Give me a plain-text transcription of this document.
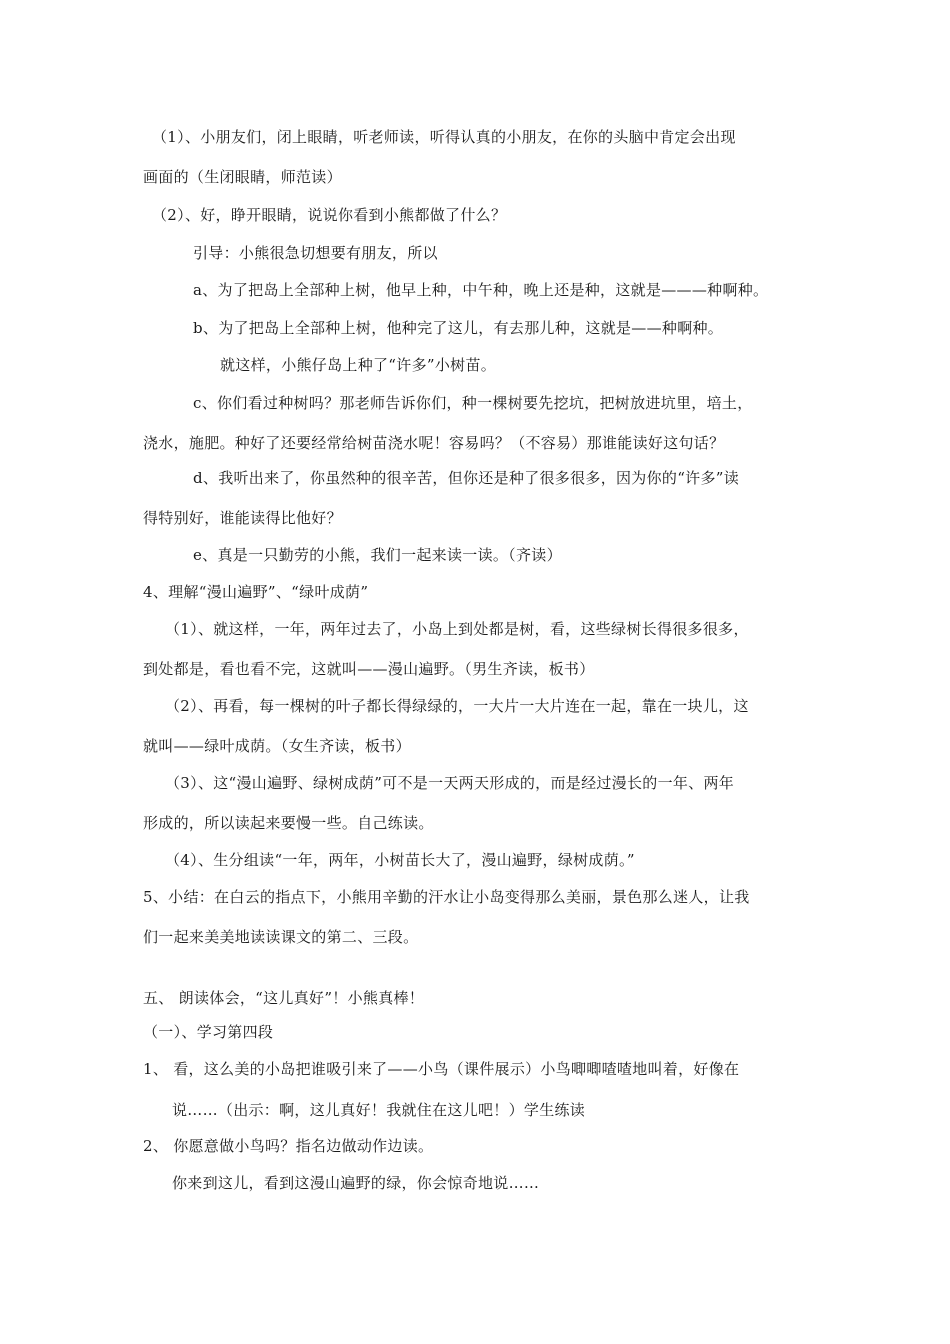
（1）、小朋友们，闭上眼睛，听老师读，听得认真的小朋友，在你的头脑中肯定会出现
画面的（生闭眼睛，师范读）
（2）、好，睁开眼睛，说说你看到小熊都做了什么？
引导：小熊很急切想要有朋友，所以
a、为了把岛上全部种上树，他早上种，中午种，晚上还是种，这就是———种啊种。
b、为了把岛上全部种上树，他种完了这儿，有去那儿种，这就是——种啊种。
就这样，小熊仔岛上种了“许多”小树苗。
c、你们看过种树吗？那老师告诉你们，种一棵树要先挖坑，把树放进坑里，培土，
浇水，施肥。种好了还要经常给树苗浇水呢！容易吗？（不容易）那谁能读好这句话？
d、我听出来了，你虽然种的很辛苦，但你还是种了很多很多，因为你的“许多”读
得特别好，谁能读得比他好？
e、真是一只勤劳的小熊，我们一起来读一读。（齐读）
4、理解“漫山遍野”、“绿叶成荫”
（1）、就这样，一年，两年过去了，小岛上到处都是树，看，这些绿树长得很多很多，
到处都是，看也看不完，这就叫——漫山遍野。（男生齐读，板书）
（2）、再看，每一棵树的叶子都长得绿绿的，一大片一大片连在一起，靠在一块儿，这
就叫——绿叶成荫。（女生齐读，板书）
（3）、这“漫山遍野、绿树成荫”可不是一天两天形成的，而是经过漫长的一年、两年
形成的，所以读起来要慢一些。自己练读。
（4）、生分组读“一年，两年，小树苗长大了，漫山遍野，绿树成荫。”
5、小结：在白云的指点下，小熊用辛勤的汗水让小岛变得那么美丽，景色那么迷人，让我
们一起来美美地读读课文的第二、三段。
五、 朗读体会，“这儿真好”！小熊真棒！
（一）、学习第四段
1、 看，这么美的小岛把谁吸引来了——小鸟（课件展示）小鸟唧唧喳喳地叫着，好像在
说……（出示：啊，这儿真好！我就住在这儿吧！）学生练读
2、 你愿意做小鸟吗？指名边做动作边读。
你来到这儿，看到这漫山遍野的绿，你会惊奇地说……
